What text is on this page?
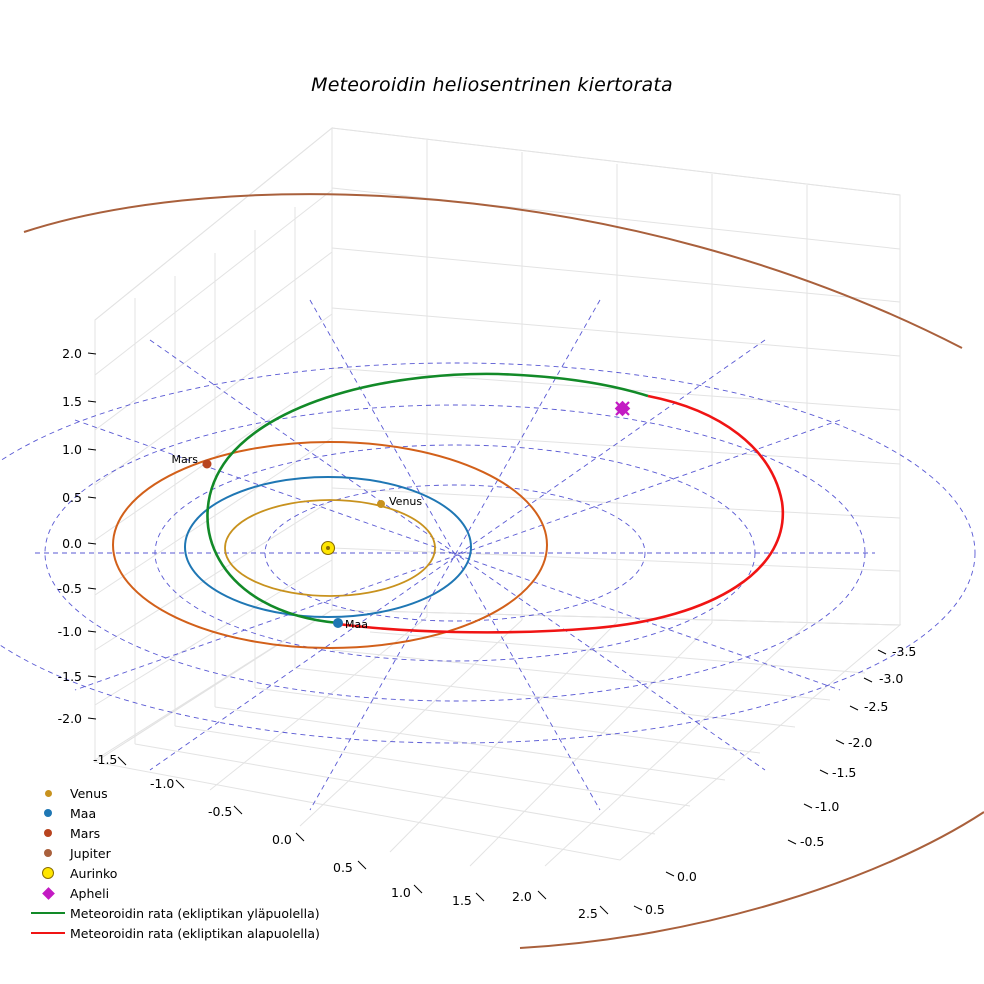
Meteoroidin heliosentrinen kiertorata
Mars
Venus
Maa
2.0
1.5
1.0
0.5
0.0
-0.5
-1.0
-1.5
-2.0
-1.5
-1.0
-0.5
0.0
0.5
1.0
1.5	2.0
2.5
-3.5
-3.0
-2.5
-2.0
-1.5
-1.0
-0.5
0.0
0.5
Venus
Maa
Mars
Jupiter
Aurinko
Apheli
Meteoroidin rata (ekliptikan yläpuolella)
Meteoroidin rata (ekliptikan alapuolella)
